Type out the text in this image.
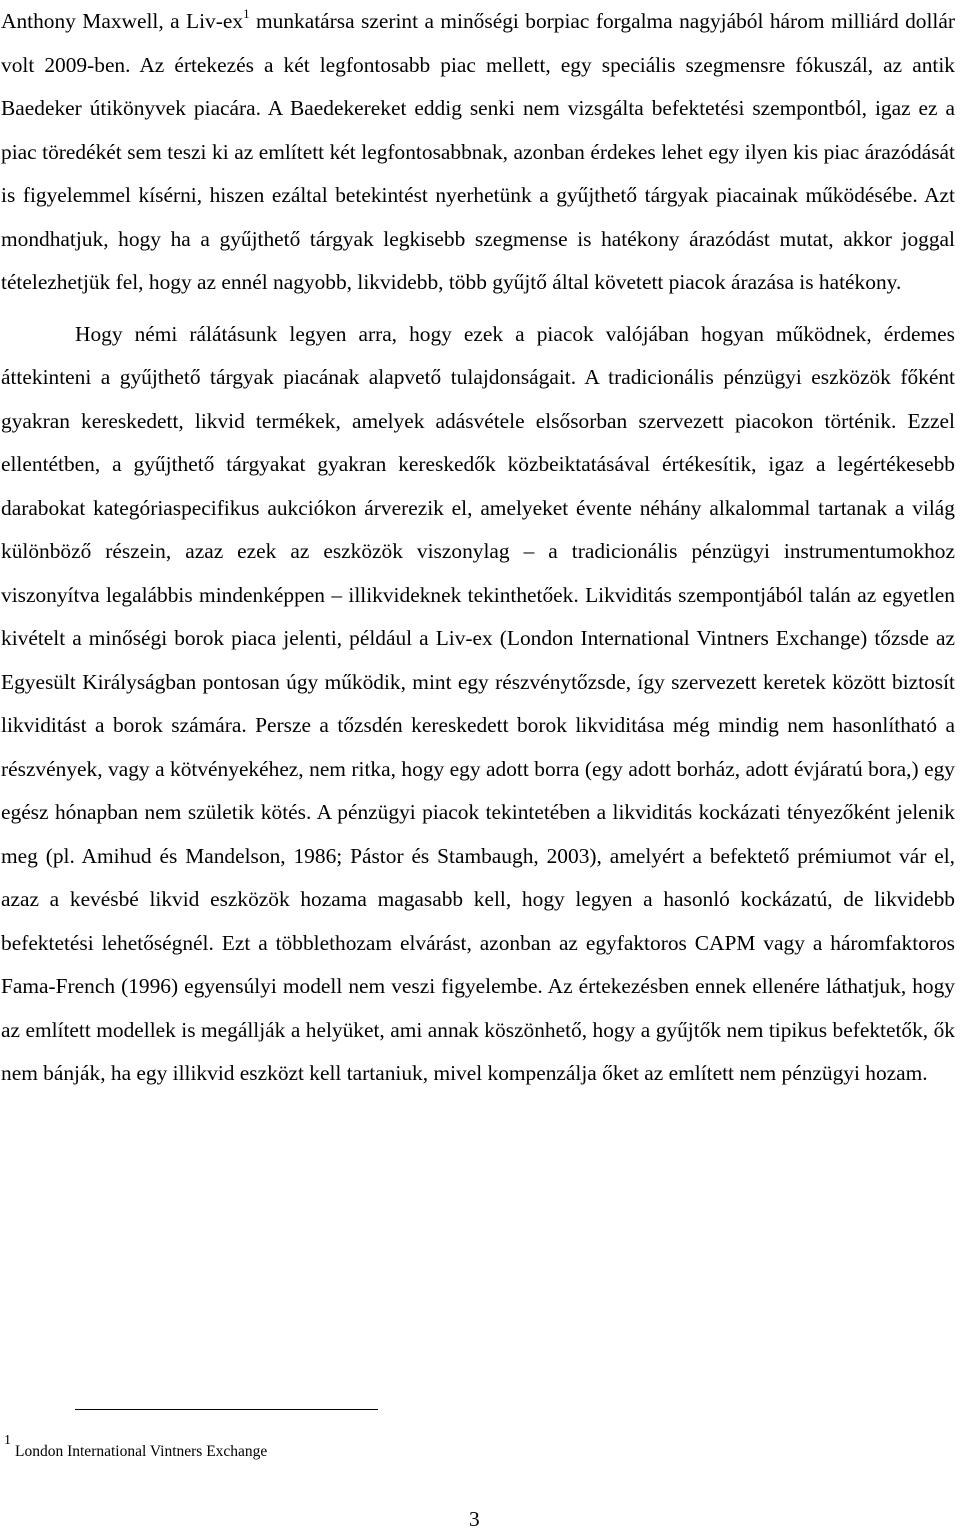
Anthony Maxwell, a Liv-ex$^1$ munkatársa szerint a minőségi borpiac forgalma nagyjából három milliárd dollár volt 2009-ben. Az értekezés a két legfontosabb piac mellett, egy speciális szegmensre fókuszál, az antik Baedeker útikönyvek piacára. A Baedekereket eddig senki nem vizsgálta befektetési szempontból, igaz ez a piac töredékét sem teszi ki az említett két legfontosabbnak, azonban érdekes lehet egy ilyen kis piac árazódását is figyelemmel kísérni, hiszen ezáltal betekintést nyerhetünk a gyűjthető tárgyak piacainak működésébe. Azt mondhatjuk, hogy ha a gyűjthető tárgyak legkisebb szegmense is hatékony árazódást mutat, akkor joggal tételezhetjük fel, hogy az ennél nagyobb, likvidebb, több gyűjtő által követett piacok árazása is hatékony.

Hogy némi rálátásunk legyen arra, hogy ezek a piacok valójában hogyan működnek, érdemes áttekinteni a gyűjthető tárgyak piacának alapvető tulajdonságait. A tradicionális pénzügyi eszközök főként gyakran kereskedett, likvid termékek, amelyek adásvétele elsősorban szervezett piacokon történik. Ezzel ellentétben, a gyűjthető tárgyakat gyakran kereskedők közbeiktatásával értékesítik, igaz a legértékesebb darabokat kategóriaspecifikus aukciókon árverezik el, amelyeket évente néhány alkalommal tartanak a világ különböző részein, azaz ezek az eszközök viszonylag – a tradicionális pénzügyi instrumentumokhoz viszonyítva legalábbis mindenképpen – illikvideknek tekinthetőek. Likviditás szempontjából talán az egyetlen kivételt a minőségi borok piaca jelenti, például a Liv-ex (London International Vintners Exchange) tőzsde az Egyesült Királyságban pontosan úgy működik, mint egy részvénytőzsde, így szervezett keretek között biztosít likviditást a borok számára. Persze a tőzsdén kereskedett borok likviditása még mindig nem hasonlítható a részvények, vagy a kötvényekéhez, nem ritka, hogy egy adott borra (egy adott borház, adott évjáratú bora,) egy egész hónapban nem születik kötés. A pénzügyi piacok tekintetében a likviditás kockázati tényezőként jelenik meg (pl. Amihud és Mandelson, 1986; Pástor és Stambaugh, 2003), amelyért a befektető prémiumot vár el, azaz a kevésbé likvid eszközök hozama magasabb kell, hogy legyen a hasonló kockázatú, de likvidebb befektetési lehetőségnél. Ezt a többlethozam elvárást, azonban az egyfaktoros CAPM vagy a háromfaktoros Fama-French (1996) egyensúlyi modell nem veszi figyelembe. Az értekezésben ennek ellenére láthatjuk, hogy az említett modellek is megállják a helyüket, ami annak köszönhető, hogy a gyűjtők nem tipikus befektetők, ők nem bánják, ha egy illikvid eszközt kell tartaniuk, mivel kompenzálja őket az említett nem pénzügyi hozam.

$^1$London International Vintners Exchange
3
